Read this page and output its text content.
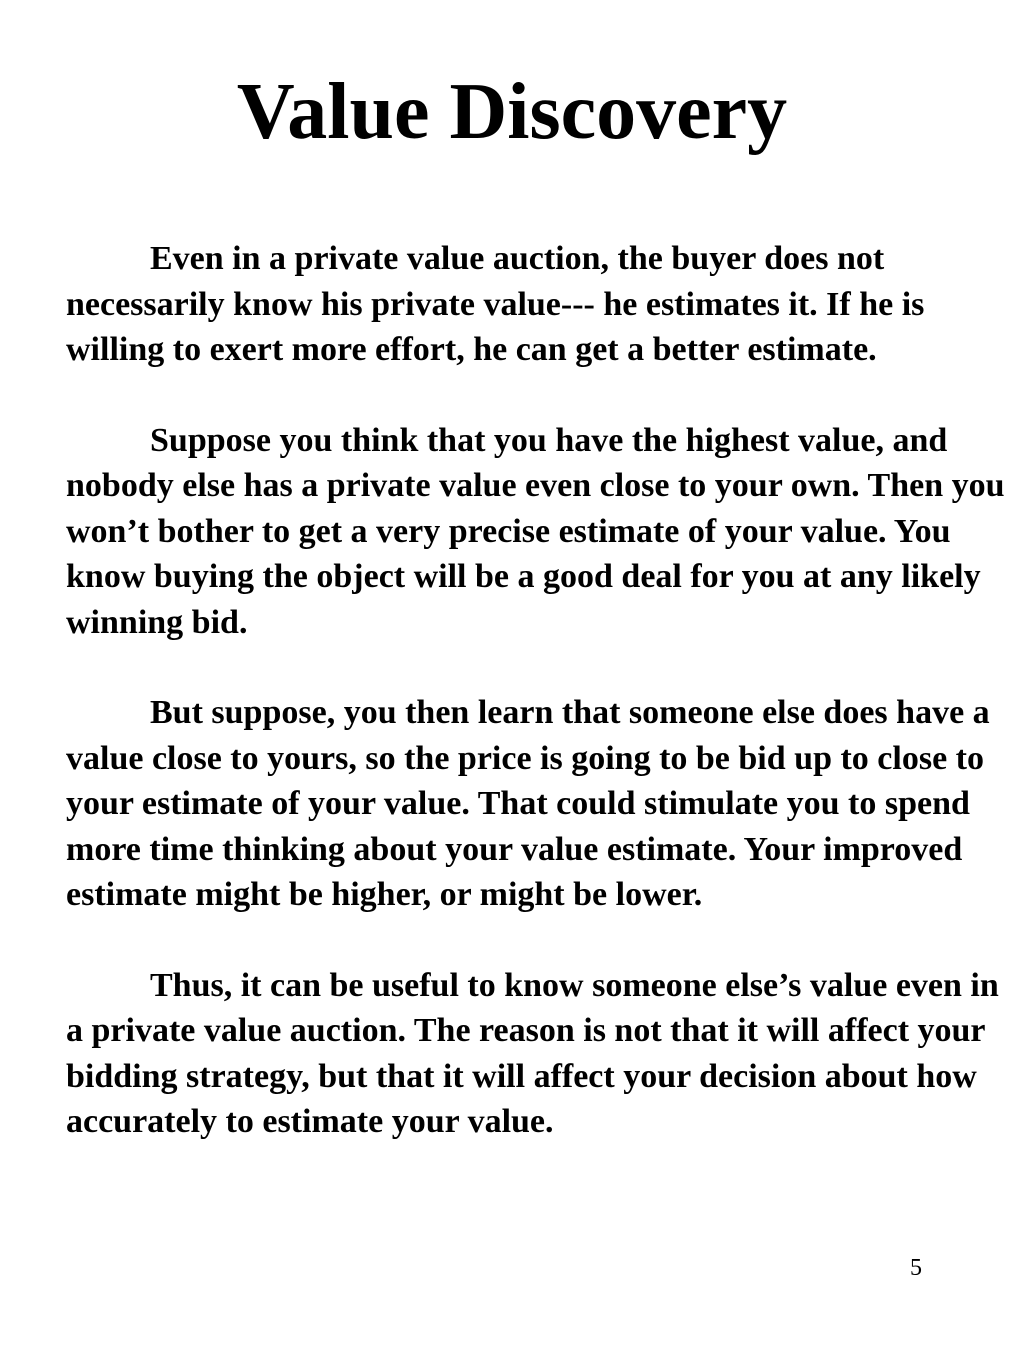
Value Discovery

Even in a private value auction, the buyer does not necessarily know his private value--- he estimates it. If he is willing to exert more effort, he can get a better estimate.

Suppose you think that you have the highest value, and nobody else has a private value even close to your own. Then you won’t bother to get a very precise estimate of your value. You know buying the object will be a good deal for you at any likely winning bid.

But suppose, you then learn that someone else does have a value close to yours, so the price is going to be bid up to close to your estimate of your value. That could stimulate you to spend more time thinking about your value estimate. Your improved estimate might be higher, or might be lower.

Thus, it can be useful to know someone else’s value even in a private value auction. The reason is not that it will affect your bidding strategy, but that it will affect your decision about how accurately to estimate your value.

5
